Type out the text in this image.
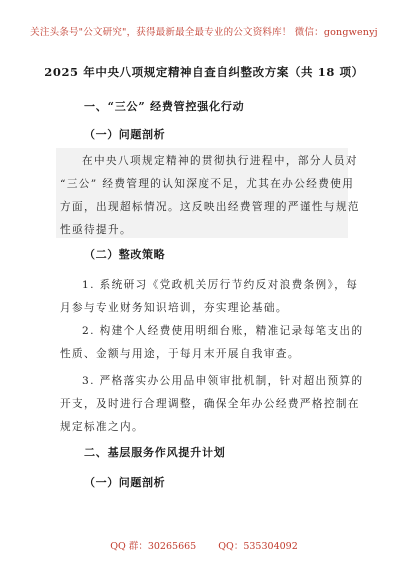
关注头条号"公文研究"，获得最新最全最专业的公文资料库！ 微信：gongwenyj
2025 年中央八项规定精神自查自纠整改方案（共 18 项）
一、“三公” 经费管控强化行动
（一）问题剖析
在中央八项规定精神的贯彻执行进程中，部分人员对
“三公” 经费管理的认知深度不足，尤其在办公经费使用
方面，出现超标情况。这反映出经费管理的严谨性与规范
性亟待提升。
（二）整改策略
1. 系统研习《党政机关厉行节约反对浪费条例》，每
月参与专业财务知识培训，夯实理论基础。
2. 构建个人经费使用明细台账，精准记录每笔支出的
性质、金额与用途，于每月末开展自我审查。
3. 严格落实办公用品申领审批机制，针对超出预算的
开支，及时进行合理调整，确保全年办公经费严格控制在
规定标准之内。
二、基层服务作风提升计划
（一）问题剖析
QQ 群：30265665 QQ：535304092
